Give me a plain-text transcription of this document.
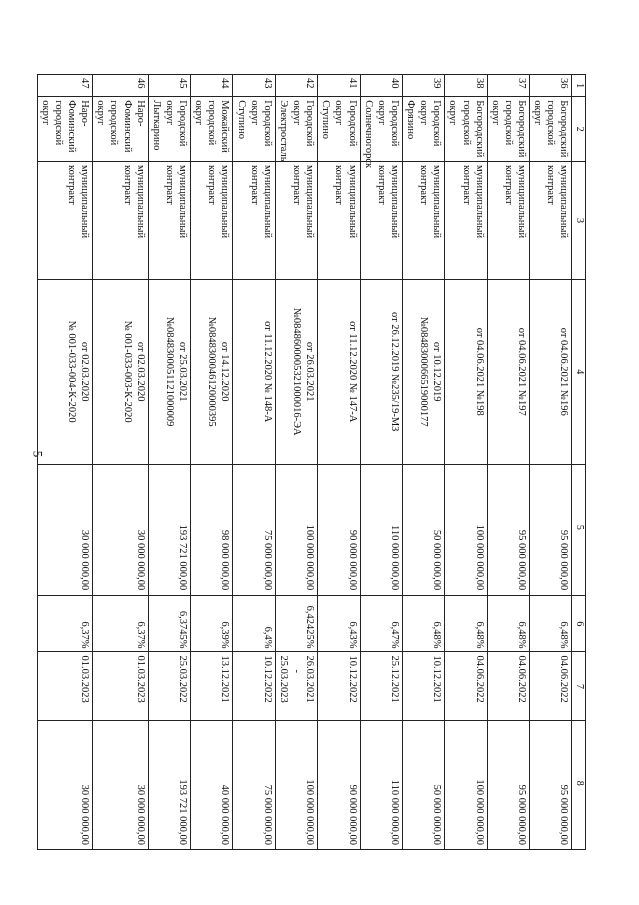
5
1	2	3	4	5	6	7	8
36	Богородский
городской
округ	муниципальный
контракт	от 04.06.2021 №196	95 000 000,00	6,48%	04.06.2022	95 000 000,00
37	Богородский
городской
округ	муниципальный
контракт	от 04.06.2021 №197	95 000 000,00	6,48%	04.06.2022	95 000 000,00
38	Богородский
городской
округ	муниципальный
контракт	от 04.06.2021 №198	100 000 000,00	6,48%	04.06.2022	100 000 000,00
39	Городской
округ Фрязино	муниципальный
контракт	от 10.12.2019
№0848300066519000177	50 000 000,00	6,48%	10.12.2021	50 000 000,00
40	Городской
округ
Солнечногорск	муниципальный
контракт	от 26.12.2019 №235/19-МЗ	110 000 000,00	6,47%	25.12.2021	110 000 000,00
41	Городской
округ Ступино	муниципальный
контракт	от 11.12.2020 № 147-А	90 000 000,00	6,43%	10.12.2022	90 000 000,00
42	Городской
округ
Электросталь	муниципальный
контракт	от 26.03.2021
№0848600005321000016-ЭА	100 000 000,00	6,42425%	26.03.2021
-
25.03.2023	100 000 000,00
43	Городской
округ Ступино	муниципальный
контракт	от 11.12.2020 № 148-А	75 000 000,00	6,4%	10.12.2022	75 000 000,00
44	Можайский
городской
округ	муниципальный
контракт	от 14.12.2020
№0848300046120000395	98 000 000,00	6,39%	13.12.2021	40 000 000,00
45	Городской
округ
Лыткарино	муниципальный
контракт	от 25.03.2021
№0848300051121000009	193 721 000,00	6,3745%	25.03.2022	193 721 000,00
46	Наро-
Фоминский
городской
округ	муниципальный
контракт	от 02.03.2020
№ 001-033-003-К-2020	30 000 000,00	6,37%	01.03.2023	30 000 000,00
47	Наро-
Фоминский
городской
округ	муниципальный
контракт	от 02.03.2020
№ 001-033-004-К-2020	30 000 000,00	6,37%	01.03.2023	30 000 000,00
